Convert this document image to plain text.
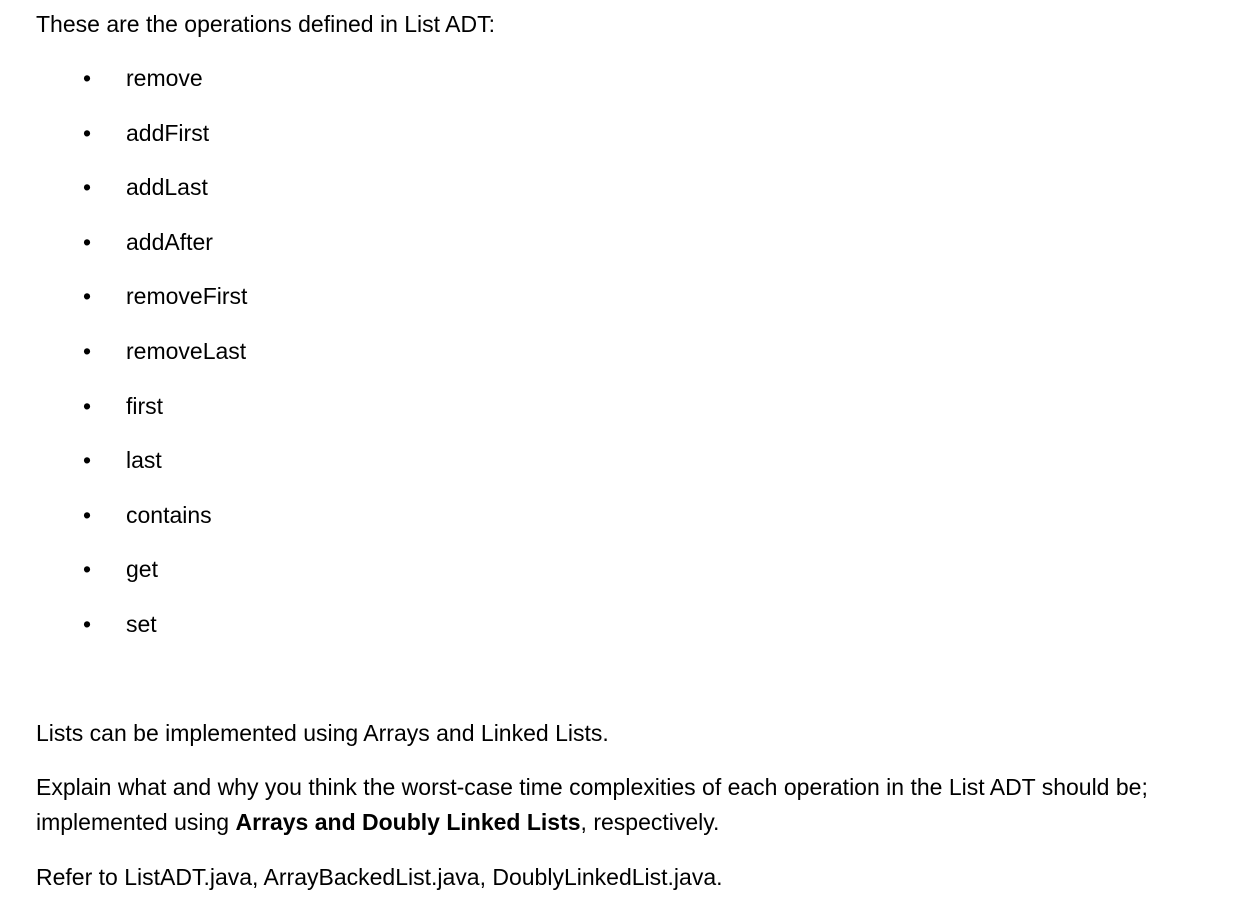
These are the operations defined in List ADT:
• remove
• addFirst
• addLast
• addAfter
• removeFirst
• removeLast
• first
• last
• contains
• get
• set

Lists can be implemented using Arrays and Linked Lists.

Explain what and why you think the worst-case time complexities of each operation in the List ADT should be; implemented using Arrays and Doubly Linked Lists, respectively.

Refer to ListADT.java, ArrayBackedList.java, DoublyLinkedList.java.
